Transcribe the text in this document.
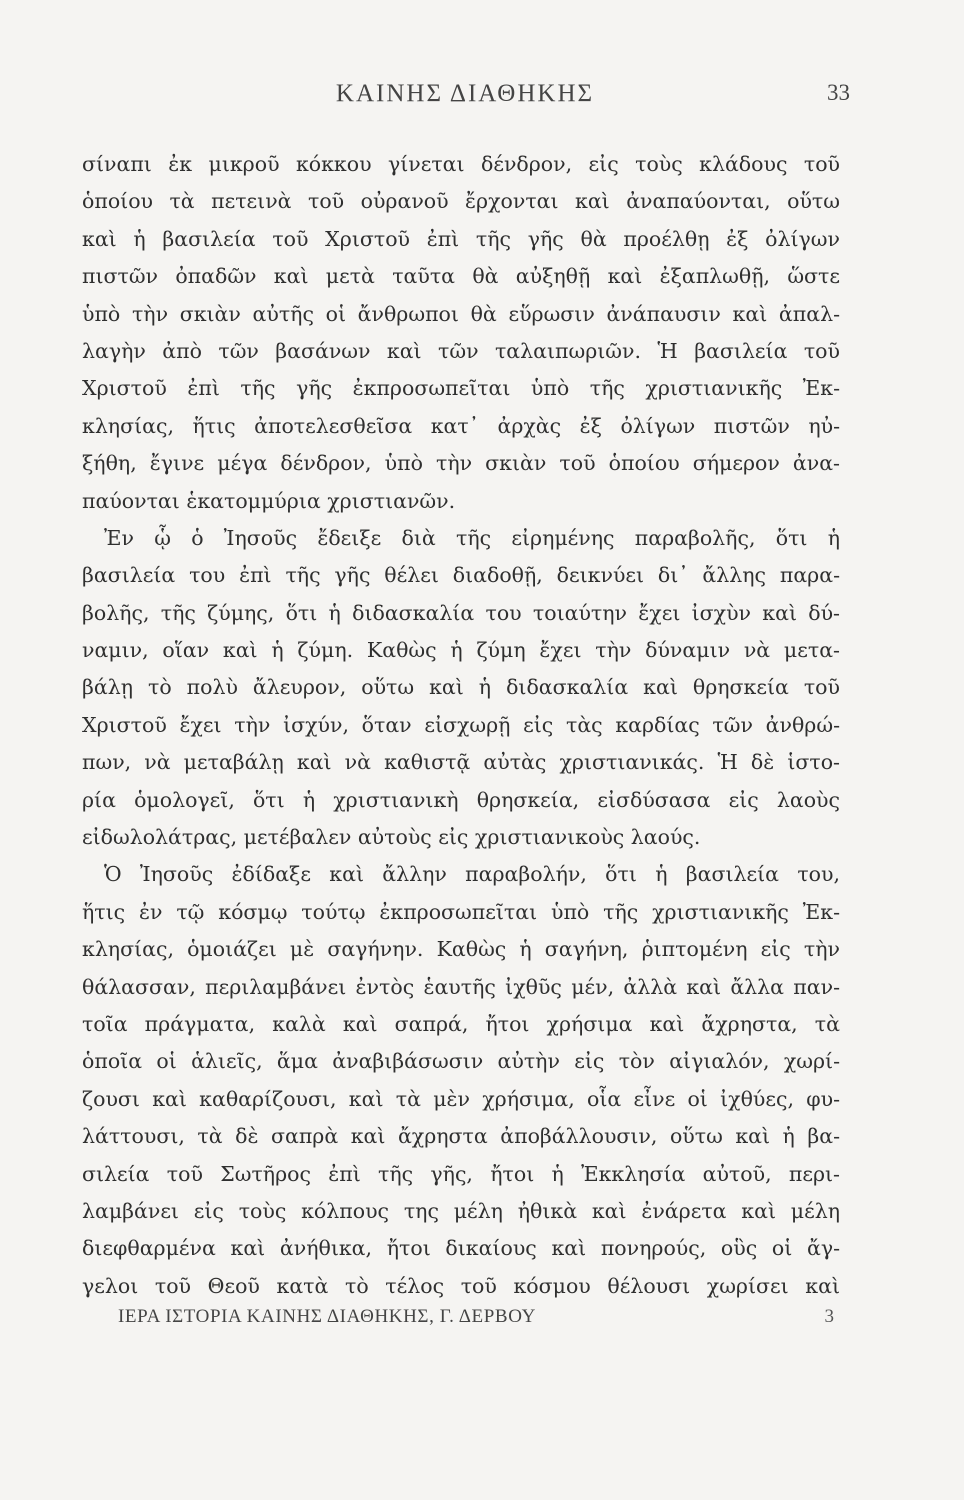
ΚΑΙΝΗΣ ΔΙΑΘΗΚΗΣ	33
σίναπι ἐκ μικροῦ κόκκου γίνεται δένδρον, εἰς τοὺς κλάδους τοῦ
ὁποίου τὰ πετεινὰ τοῦ οὐρανοῦ ἔρχονται καὶ ἀναπαύονται, οὕτω
καὶ ἡ βασιλεία τοῦ Χριστοῦ ἐπὶ τῆς γῆς θὰ προέλθῃ ἐξ ὀλίγων
πιστῶν ὀπαδῶν καὶ μετὰ ταῦτα θὰ αὐξηθῇ καὶ ἐξαπλωθῇ, ὥστε
ὑπὸ τὴν σκιὰν αὐτῆς οἱ ἄνθρωποι θὰ εὕρωσιν ἀνάπαυσιν καὶ ἀπαλ-
λαγὴν ἀπὸ τῶν βασάνων καὶ τῶν ταλαιπωριῶν. Ἡ βασιλεία τοῦ
Χριστοῦ ἐπὶ τῆς γῆς ἐκπροσωπεῖται ὑπὸ τῆς χριστιανικῆς Ἐκ-
κλησίας, ἥτις ἀποτελεσθεῖσα κατ᾽ ἀρχὰς ἐξ ὀλίγων πιστῶν ηὐ-
ξήθη, ἔγινε μέγα δένδρον, ὑπὸ τὴν σκιὰν τοῦ ὁποίου σήμερον ἀνα-
παύονται ἑκατομμύρια χριστιανῶν.
Ἐν ᾧ ὁ Ἰησοῦς ἔδειξε διὰ τῆς εἰρημένης παραβολῆς, ὅτι ἡ
βασιλεία του ἐπὶ τῆς γῆς θέλει διαδοθῇ, δεικνύει δι᾽ ἄλλης παρα-
βολῆς, τῆς ζύμης, ὅτι ἡ διδασκαλία του τοιαύτην ἔχει ἰσχὺν καὶ δύ-
ναμιν, οἵαν καὶ ἡ ζύμη. Καθὼς ἡ ζύμη ἔχει τὴν δύναμιν νὰ μετα-
βάλῃ τὸ πολὺ ἄλευρον, οὕτω καὶ ἡ διδασκαλία καὶ θρησκεία τοῦ
Χριστοῦ ἔχει τὴν ἰσχύν, ὅταν εἰσχωρῇ εἰς τὰς καρδίας τῶν ἀνθρώ-
πων, νὰ μεταβάλῃ καὶ νὰ καθιστᾷ αὐτὰς χριστιανικάς. Ἡ δὲ ἱστο-
ρία ὁμολογεῖ, ὅτι ἡ χριστιανικὴ θρησκεία, εἰσδύσασα εἰς λαοὺς
εἰδωλολάτρας, μετέβαλεν αὐτοὺς εἰς χριστιανικοὺς λαούς.
Ὁ Ἰησοῦς ἐδίδαξε καὶ ἄλλην παραβολήν, ὅτι ἡ βασιλεία του,
ἥτις ἐν τῷ κόσμῳ τούτῳ ἐκπροσωπεῖται ὑπὸ τῆς χριστιανικῆς Ἐκ-
κλησίας, ὁμοιάζει μὲ σαγήνην. Καθὼς ἡ σαγήνη, ῥιπτομένη εἰς τὴν
θάλασσαν, περιλαμβάνει ἐντὸς ἑαυτῆς ἰχθῦς μέν, ἀλλὰ καὶ ἄλλα παν-
τοῖα πράγματα, καλὰ καὶ σαπρά, ἤτοι χρήσιμα καὶ ἄχρηστα, τὰ
ὁποῖα οἱ ἁλιεῖς, ἅμα ἀναβιβάσωσιν αὐτὴν εἰς τὸν αἰγιαλόν, χωρί-
ζουσι καὶ καθαρίζουσι, καὶ τὰ μὲν χρήσιμα, οἷα εἶνε οἱ ἰχθύες, φυ-
λάττουσι, τὰ δὲ σαπρὰ καὶ ἄχρηστα ἀποβάλλουσιν, οὕτω καὶ ἡ βα-
σιλεία τοῦ Σωτῆρος ἐπὶ τῆς γῆς, ἤτοι ἡ Ἐκκλησία αὐτοῦ, περι-
λαμβάνει εἰς τοὺς κόλπους της μέλη ἠθικὰ καὶ ἐνάρετα καὶ μέλη
διεφθαρμένα καὶ ἀνήθικα, ἤτοι δικαίους καὶ πονηρούς, οὓς οἱ ἄγ-
γελοι τοῦ Θεοῦ κατὰ τὸ τέλος τοῦ κόσμου θέλουσι χωρίσει καὶ
ΙΕΡΑ ΙΣΤΟΡΙΑ ΚΑΙΝΗΣ ΔΙΑΘΗΚΗΣ, Γ. ΔΕΡΒΟΥ	3
